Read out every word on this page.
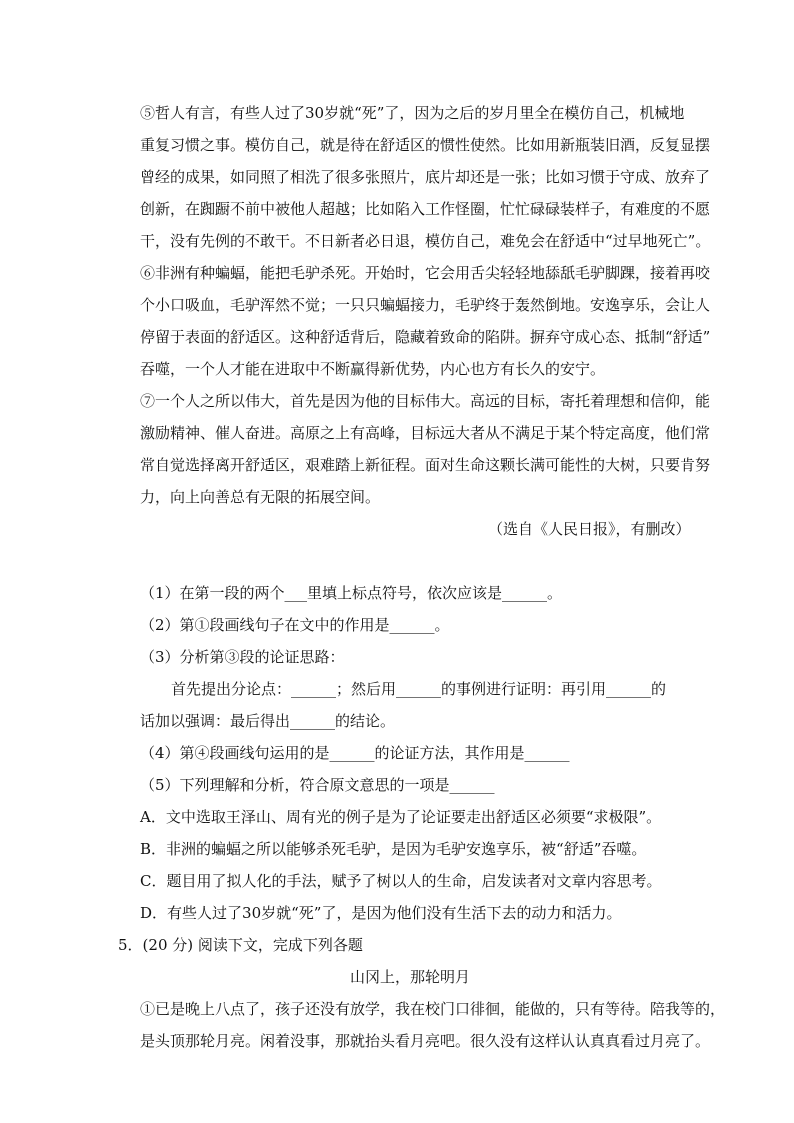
⑤哲人有言，有些人过了30岁就“死”了，因为之后的岁月里全在模仿自己，机械地
重复习惯之事。模仿自己，就是待在舒适区的惯性使然。比如用新瓶装旧酒，反复显摆
曾经的成果，如同照了相洗了很多张照片，底片却还是一张；比如习惯于守成、放弃了
创新，在踟蹰不前中被他人超越；比如陷入工作怪圈，忙忙碌碌装样子，有难度的不愿
干，没有先例的不敢干。不日新者必日退，模仿自己，难免会在舒适中“过早地死亡”。
⑥非洲有种蝙蝠，能把毛驴杀死。开始时，它会用舌尖轻轻地舔舐毛驴脚踝，接着再咬
个小口吸血，毛驴浑然不觉；一只只蝙蝠接力，毛驴终于轰然倒地。安逸享乐，会让人
停留于表面的舒适区。这种舒适背后，隐藏着致命的陷阱。摒弃守成心态、抵制“舒适”
吞噬，一个人才能在进取中不断赢得新优势，内心也方有长久的安宁。
⑦一个人之所以伟大，首先是因为他的目标伟大。高远的目标，寄托着理想和信仰，能
激励精神、催人奋进。高原之上有高峰，目标远大者从不满足于某个特定高度，他们常
常自觉选择离开舒适区，艰难踏上新征程。面对生命这颗长满可能性的大树，只要肯努
力，向上向善总有无限的拓展空间。
（选自《人民日报》，有删改）
（1）在第一段的两个___里填上标点符号，依次应该是______。
（2）第①段画线句子在文中的作用是______。
（3）分析第③段的论证思路：
首先提出分论点：______；然后用______的事例进行证明：再引用______的
话加以强调：最后得出______的结论。
（4）第④段画线句运用的是______的论证方法，其作用是______
（5）下列理解和分析，符合原文意思的一项是______
A．文中选取王泽山、周有光的例子是为了论证要走出舒适区必须要“求极限”。
B．非洲的蝙蝠之所以能够杀死毛驴，是因为毛驴安逸享乐，被“舒适”吞噬。
C．题目用了拟人化的手法，赋予了树以人的生命，启发读者对文章内容思考。
D．有些人过了30岁就“死”了，是因为他们没有生活下去的动力和活力。
5．(20 分) 阅读下文，完成下列各题
山冈上，那轮明月
①已是晚上八点了，孩子还没有放学，我在校门口徘徊，能做的，只有等待。陪我等的，
是头顶那轮月亮。闲着没事，那就抬头看月亮吧。很久没有这样认认真真看过月亮了。
